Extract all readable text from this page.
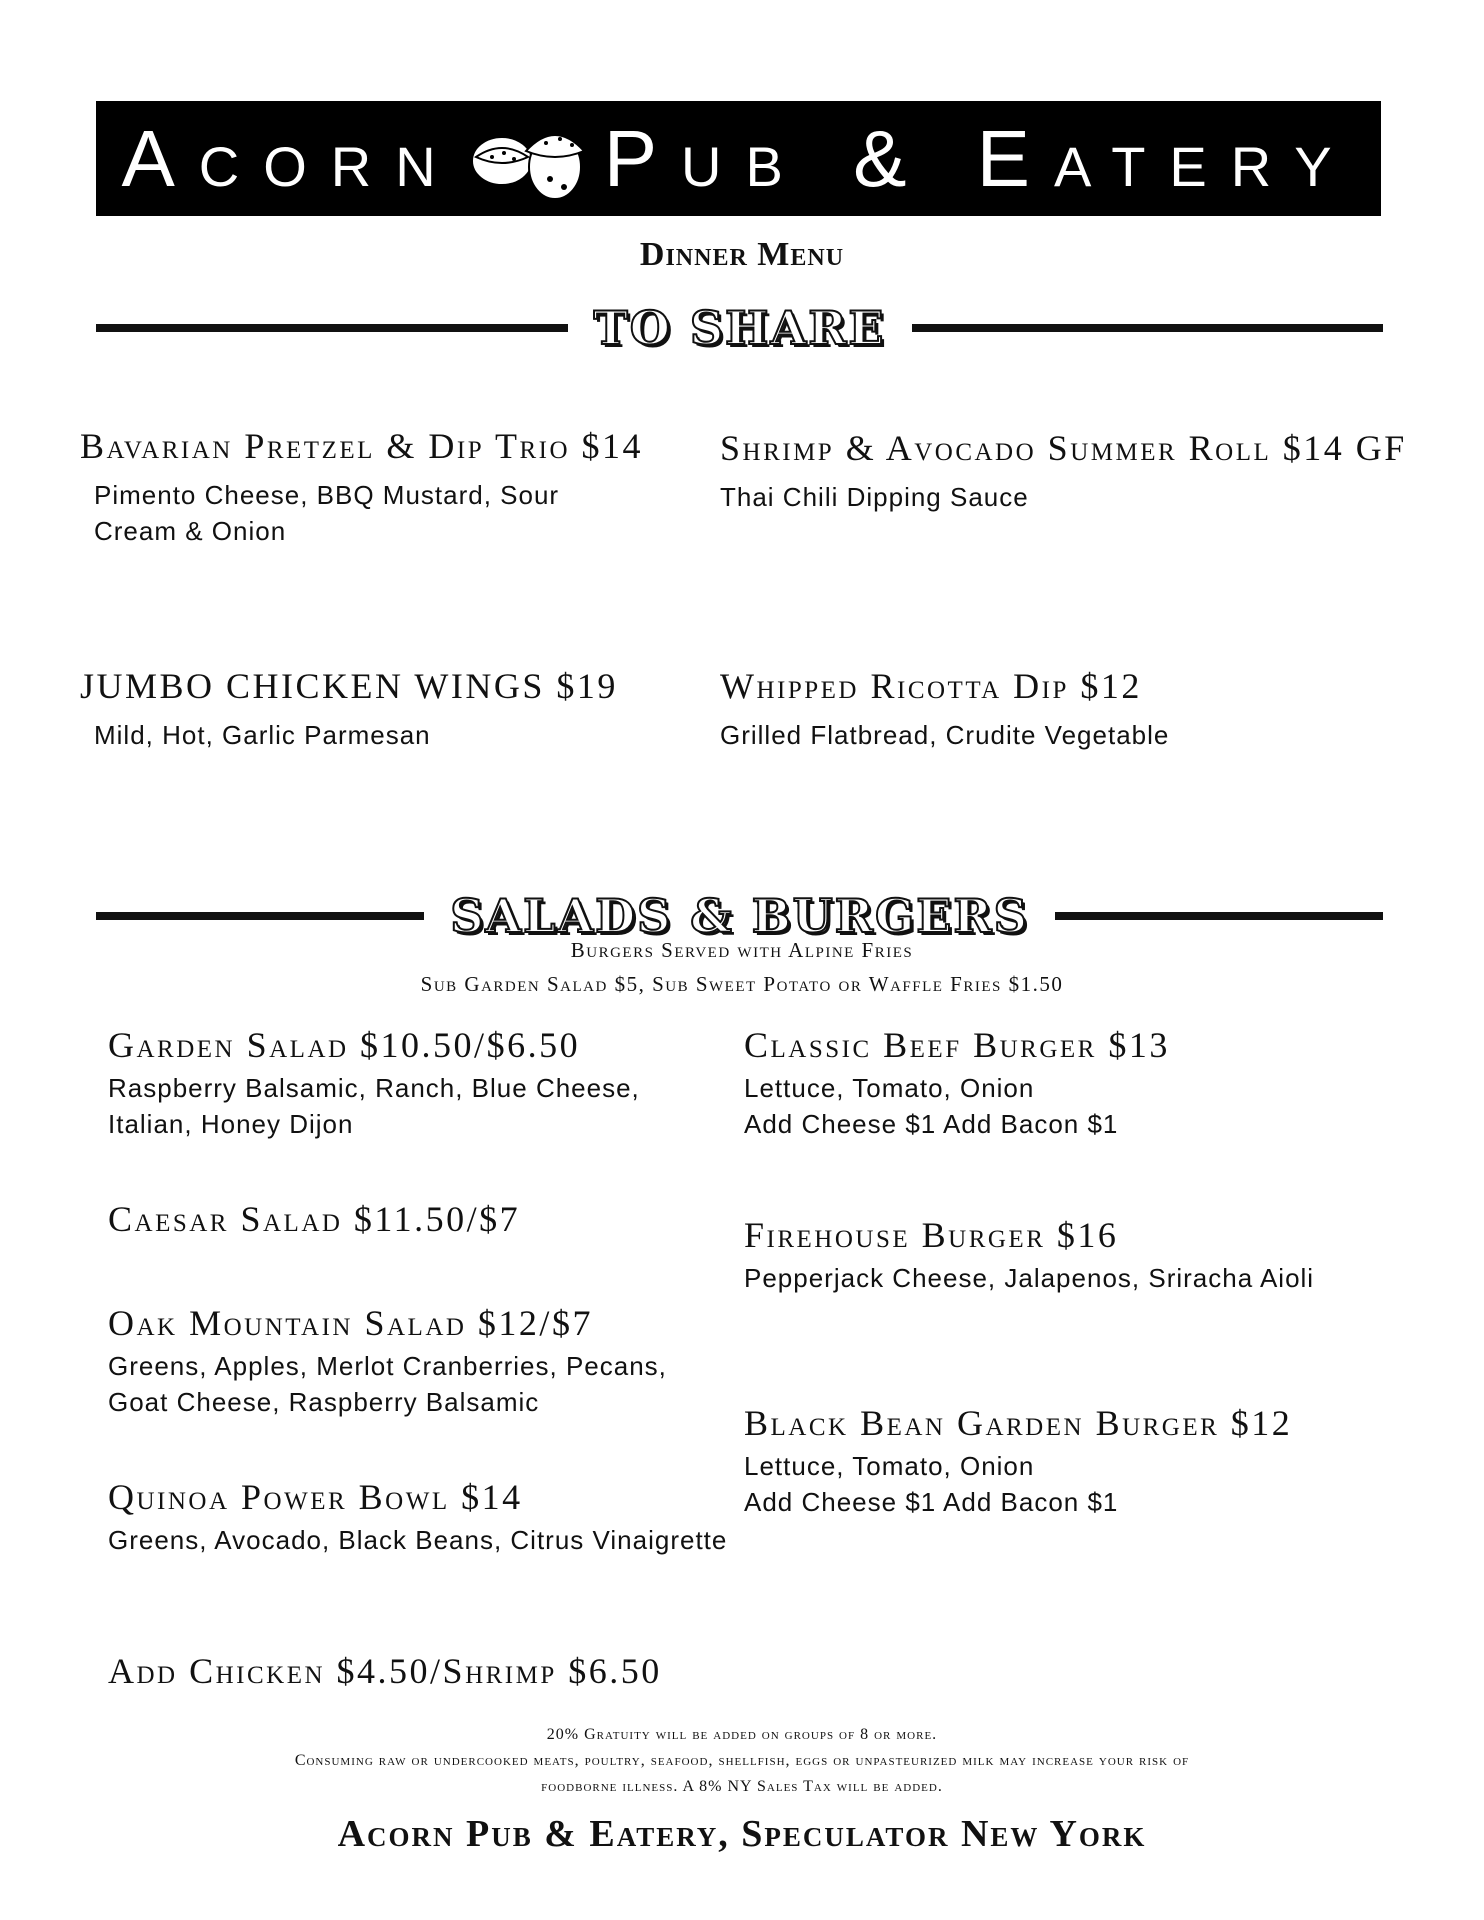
Acorn Pub & Eatery
Dinner Menu
TO SHARE
Bavarian Pretzel & Dip Trio $14
Pimento Cheese, BBQ Mustard, Sour Cream & Onion
Shrimp & Avocado Summer Roll $14 GF
Thai Chili Dipping Sauce
JUMBO CHICKEN WINGS $19
Mild, Hot, Garlic Parmesan
Whipped Ricotta Dip $12
Grilled Flatbread, Crudite Vegetable
SALADS & BURGERS
Burgers Served with Alpine Fries
Sub Garden Salad $5, Sub Sweet Potato or Waffle Fries $1.50
Garden Salad $10.50/$6.50
Raspberry Balsamic, Ranch, Blue Cheese, Italian, Honey Dijon
Caesar Salad $11.50/$7
Oak Mountain Salad $12/$7
Greens, Apples, Merlot Cranberries, Pecans, Goat Cheese, Raspberry Balsamic
Quinoa Power Bowl $14
Greens, Avocado, Black Beans, Citrus Vinaigrette
Add Chicken $4.50/Shrimp $6.50
Classic Beef Burger $13
Lettuce, Tomato, Onion
Add Cheese $1 Add Bacon $1
Firehouse Burger $16
Pepperjack Cheese, Jalapenos, Sriracha Aioli
Black Bean Garden Burger $12
Lettuce, Tomato, Onion
Add Cheese $1 Add Bacon $1
20% Gratuity will be added on groups of 8 or more.
Consuming raw or undercooked meats, poultry, seafood, shellfish, eggs or unpasteurized milk may increase your risk of
foodborne illness. A 8% NY Sales Tax will be added.
Acorn Pub & Eatery, Speculator New York
